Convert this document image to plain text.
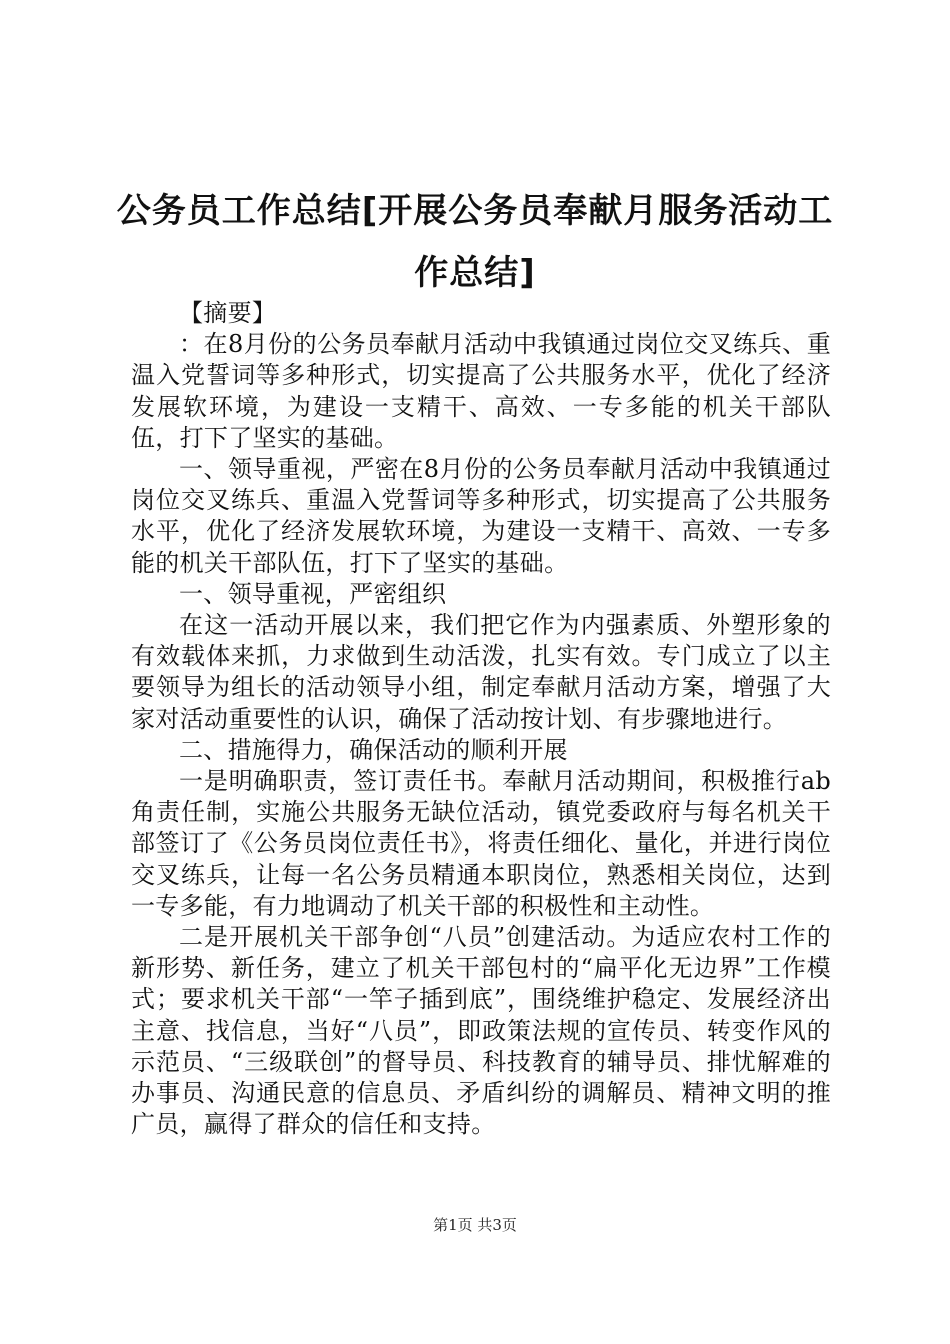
公务员工作总结[开展公务员奉献月服务活动工作总结]

【摘要】

：在8月份的公务员奉献月活动中我镇通过岗位交叉练兵、重温入党誓词等多种形式，切实提高了公共服务水平，优化了经济发展软环境，为建设一支精干、高效、一专多能的机关干部队伍，打下了坚实的基础。

一、领导重视，严密在8月份的公务员奉献月活动中我镇通过岗位交叉练兵、重温入党誓词等多种形式，切实提高了公共服务水平，优化了经济发展软环境，为建设一支精干、高效、一专多能的机关干部队伍，打下了坚实的基础。

一、领导重视，严密组织

在这一活动开展以来，我们把它作为内强素质、外塑形象的有效载体来抓，力求做到生动活泼，扎实有效。专门成立了以主要领导为组长的活动领导小组，制定奉献月活动方案，增强了大家对活动重要性的认识，确保了活动按计划、有步骤地进行。

二、措施得力，确保活动的顺利开展

一是明确职责，签订责任书。奉献月活动期间，积极推行ab角责任制，实施公共服务无缺位活动，镇党委政府与每名机关干部签订了《公务员岗位责任书》，将责任细化、量化，并进行岗位交叉练兵，让每一名公务员精通本职岗位，熟悉相关岗位，达到一专多能，有力地调动了机关干部的积极性和主动性。

二是开展机关干部争创“八员”创建活动。为适应农村工作的新形势、新任务，建立了机关干部包村的“扁平化无边界”工作模式；要求机关干部“一竿子插到底”，围绕维护稳定、发展经济出主意、找信息，当好“八员”，即政策法规的宣传员、转变作风的示范员、“三级联创”的督导员、科技教育的辅导员、排忧解难的办事员、沟通民意的信息员、矛盾纠纷的调解员、精神文明的推广员，赢得了群众的信任和支持。

第1页 共3页
